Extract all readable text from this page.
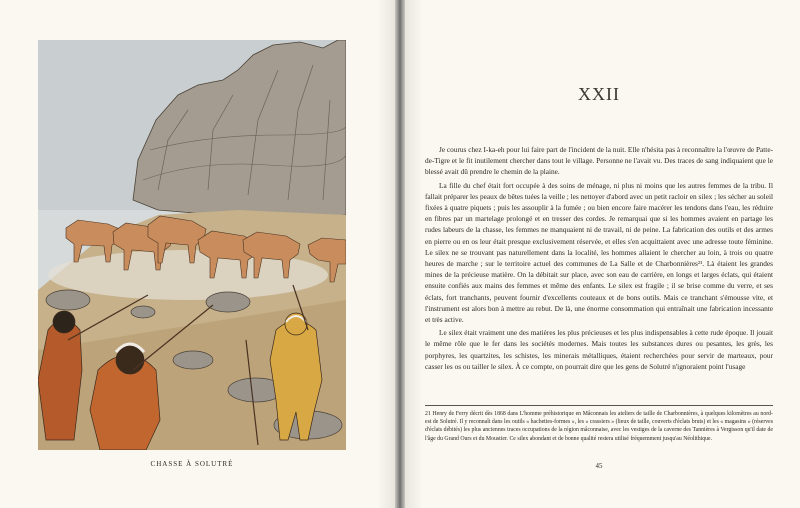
CHASSE À SOLUTRÉ
XXII

Je courus chez I-ka-eh pour lui faire part de l'incident de la nuit. Elle n'hésita pas à reconnaître la l'œuvre de Patte-de-Tigre et le fit inutilement chercher dans tout le village. Personne ne l'avait vu. Des traces de sang indiquaient que le blessé avait dû prendre le chemin de la plaine.

La fille du chef était fort occupée à des soins de ménage, ni plus ni moins que les autres femmes de la tribu. Il fallait préparer les peaux de bêtes tuées la veille ; les nettoyer d'abord avec un petit racloir en silex ; les sécher au soleil fixées à quatre piquets ; puis les assouplir à la fumée ; ou bien encore faire macérer les tendons dans l'eau, les réduire en fibres par un martelage prolongé et en tresser des cordes. Je remarquai que si les hommes avaient en partage les rudes labeurs de la chasse, les femmes ne manquaient ni de travail, ni de peine. La fabrication des outils et des armes en pierre ou en os leur était presque exclusivement réservée, et elles s'en acquittaient avec une adresse toute féminine. Le silex ne se trouvant pas naturellement dans la localité, les hommes allaient le chercher au loin, à trois ou quatre heures de marche ; sur le territoire actuel des communes de La Salle et de Charbonnières²¹. Là étaient les grandes mines de la précieuse matière. On la débitait sur place, avec son eau de carrière, en longs et larges éclats, qui étaient ensuite confiés aux mains des femmes et même des enfants. Le silex est fragile ; il se brise comme du verre, et ses éclats, fort tranchants, peuvent fournir d'excellents couteaux et de bons outils. Mais ce tranchant s'émousse vite, et l'instrument est alors bon à mettre au rebut. De là, une énorme consommation qui entraînait une fabrication incessante et très active.

Le silex était vraiment une des matières les plus précieuses et les plus indispensables à cette rude époque. Il jouait le même rôle que le fer dans les sociétés modernes. Mais toutes les substances dures ou pesantes, les grès, les porphyres, les quartzites, les schistes, les minerais métalliques, étaient recherchées pour servir de marteaux, pour casser les os ou tailler le silex. À ce compte, on pourrait dire que les gens de Solutré n'ignoraient point l'usage

21 Henry de Ferry décrit dès 1868 dans L'homme préhistorique en Mâconnais les ateliers de taille de Charbonnières, à quelques kilomètres au nord-est de Solutré. Il y reconnaît dans les outils « hachettes-formes », les « crassiers » (lieux de taille, couverts d'éclats bruts) et les « magasins » (réserves d'éclats débités) les plus anciennes traces occupations de la région mâconnaise, avec les vestiges de la caverne des Tannières à Vergisson qu'il date de l'âge du Grand Ours et du Moustier. Ce silex abondant et de bonne qualité restera utilisé fréquemment jusqu'au Néolithique.
45
